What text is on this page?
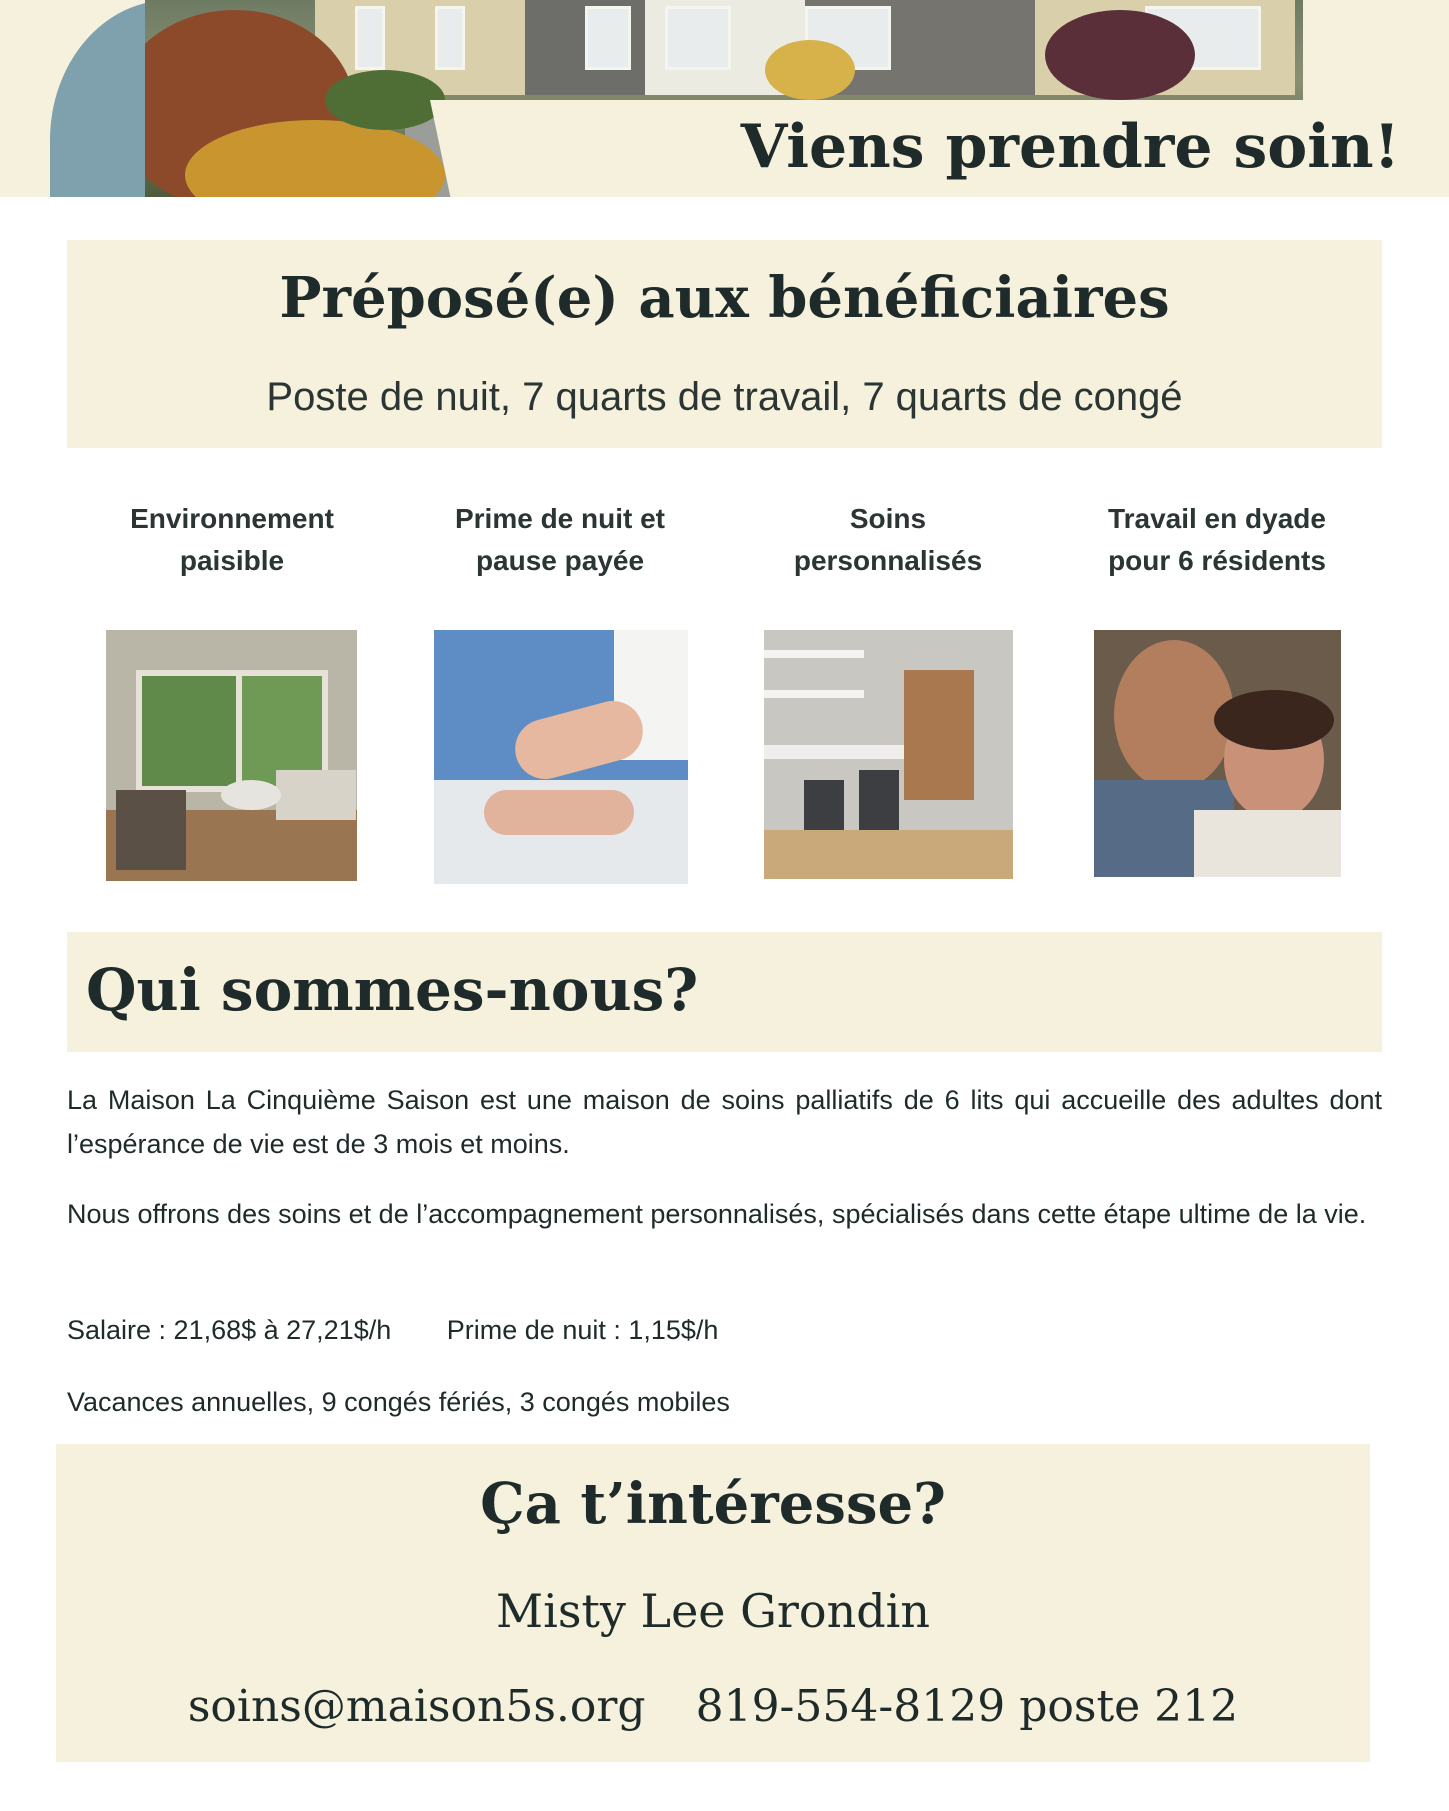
Viens prendre soin!
Préposé(e) aux bénéficiaires
Poste de nuit, 7 quarts de travail, 7 quarts de congé
Environnement
paisible
Prime de nuit et
pause payée
Soins
personnalisés
Travail en dyade
pour 6 résidents
Qui sommes-nous?
La Maison La Cinquième Saison est une maison de soins palliatifs de 6 lits qui accueille des adultes dont l’espérance de vie est de 3 mois et moins.
Nous offrons des soins et de l’accompagnement personnalisés, spécialisés dans cette étape ultime de la vie.
Salaire : 21,68$ à 27,21$/h Prime de nuit : 1,15$/h
Vacances annuelles, 9 congés fériés, 3 congés mobiles
Ça t’intéresse?
Misty Lee Grondin
soins@maison5s.org 819-554-8129 poste 212
